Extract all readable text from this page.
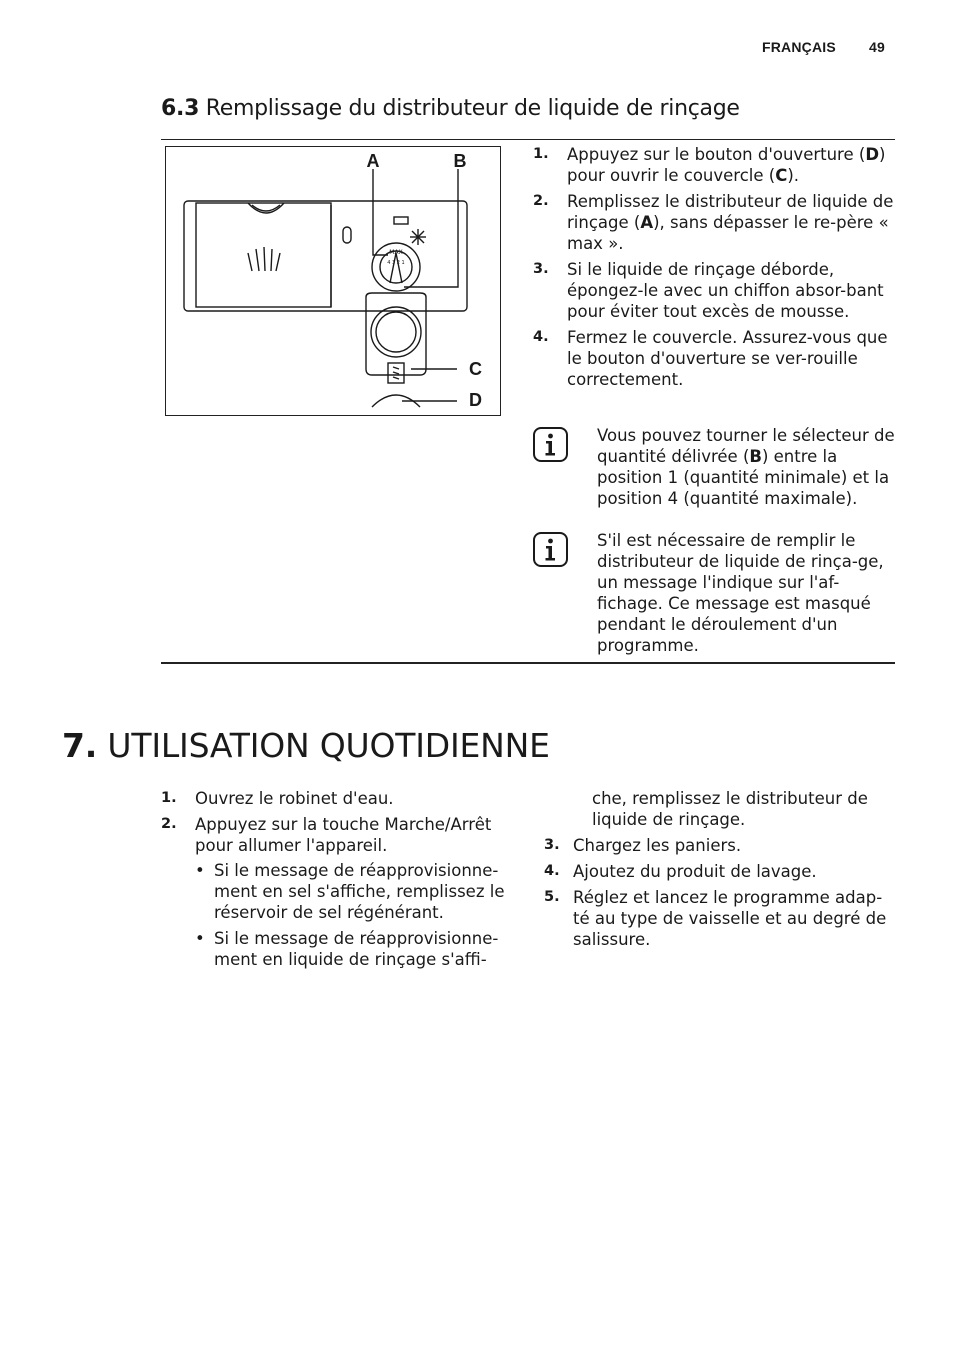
FRANÇAIS 49
6.3 Remplissage du distributeur de liquide de rinçage
A	B
C
D
MAX
4 3 2 1
1. Appuyez sur le bouton d'ouverture (D) pour ouvrir le couvercle (C).
2. Remplissez le distributeur de liquide de rinçage (A), sans dépasser le re-père « max ».
3. Si le liquide de rinçage déborde, épongez-le avec un chiffon absor-bant pour éviter tout excès de mousse.
4. Fermez le couvercle. Assurez-vous que le bouton d'ouverture se ver-rouille correctement.
Vous pouvez tourner le sélecteur de quantité délivrée (B) entre la position 1 (quantité minimale) et la position 4 (quantité maximale).
S'il est nécessaire de remplir le distributeur de liquide de rinça-ge, un message l'indique sur l'af-fichage. Ce message est masqué pendant le déroulement d'un programme.
7. UTILISATION QUOTIDIENNE
1. Ouvrez le robinet d'eau.
2. Appuyez sur la touche Marche/Arrêt pour allumer l'appareil.
• Si le message de réapprovisionne-ment en sel s'affiche, remplissez le réservoir de sel régénérant.
• Si le message de réapprovisionne-ment en liquide de rinçage s'affi-
che, remplissez le distributeur de liquide de rinçage.
3. Chargez les paniers.
4. Ajoutez du produit de lavage.
5. Réglez et lancez le programme adap-té au type de vaisselle et au degré de salissure.
